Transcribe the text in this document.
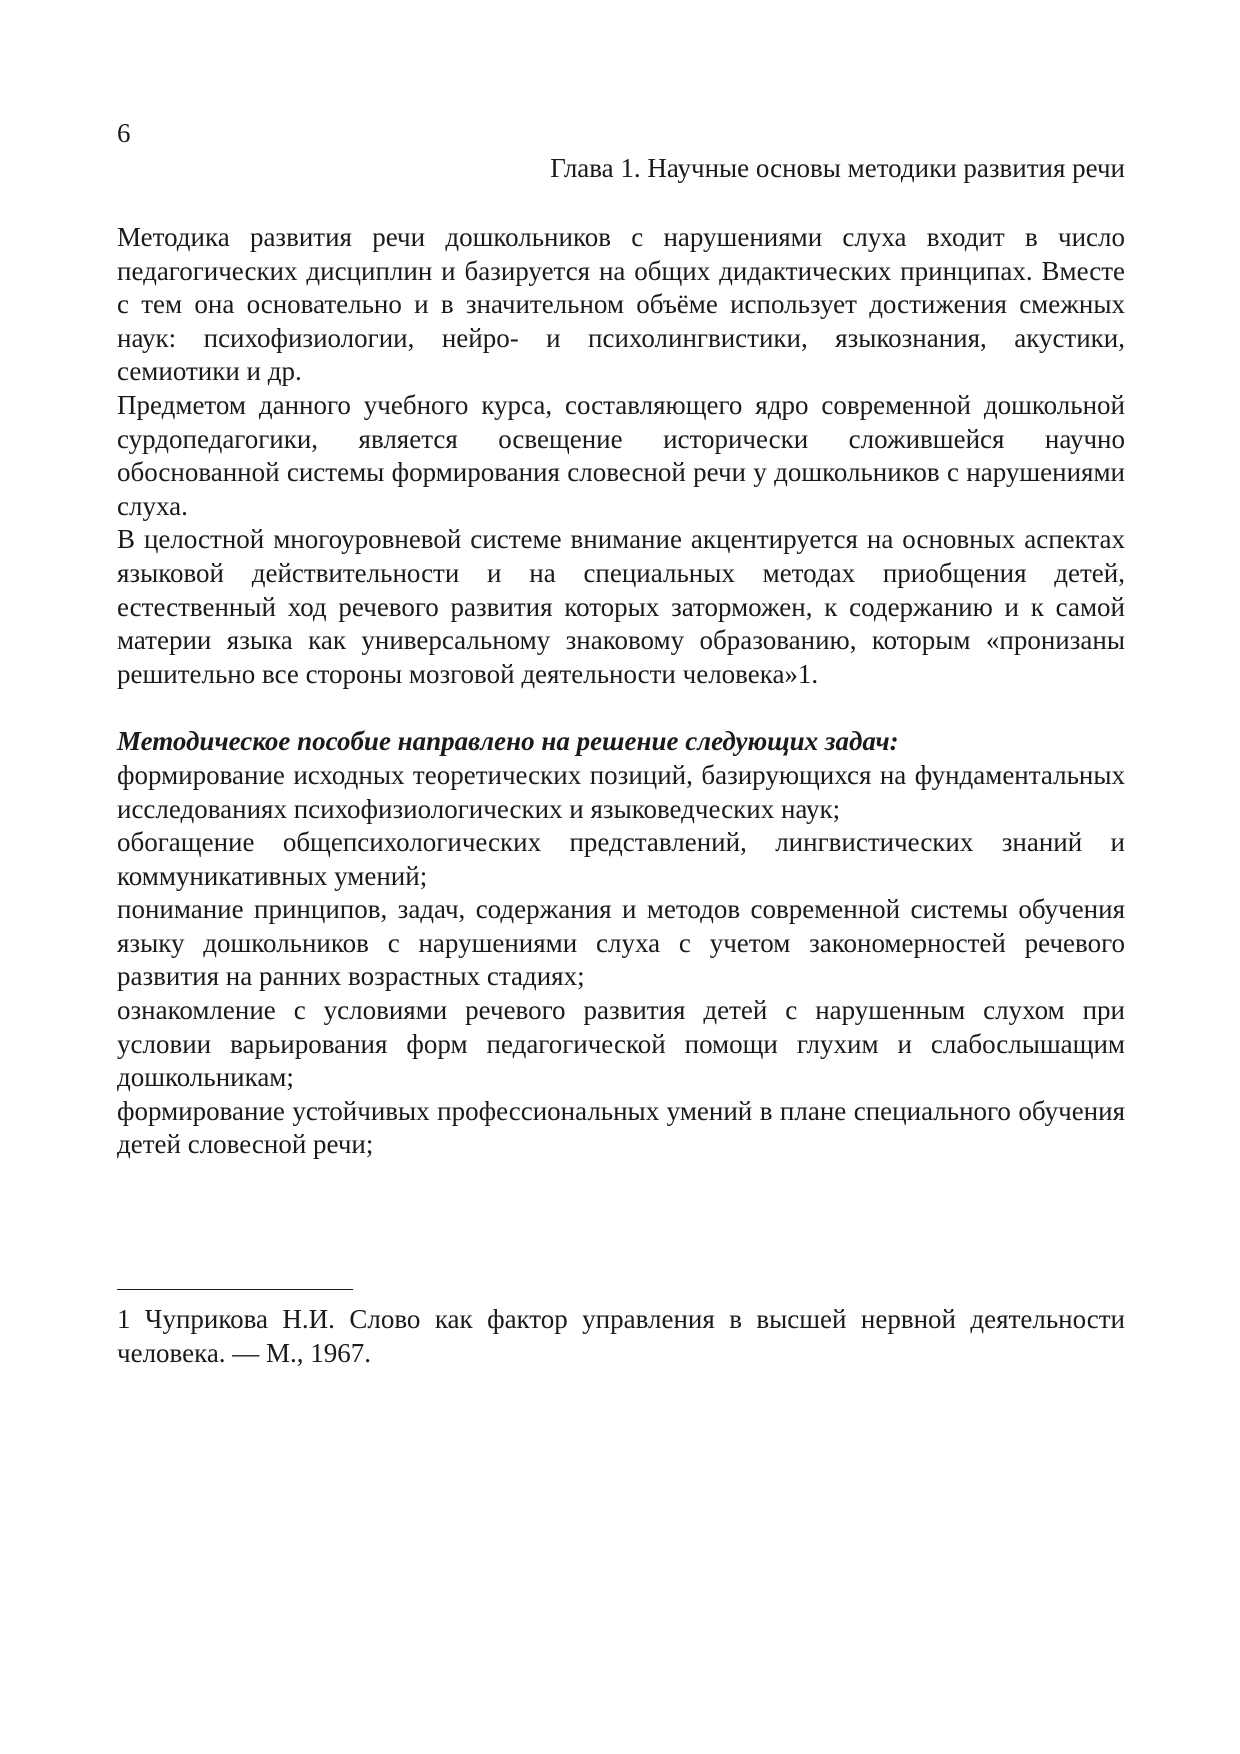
6
Глава 1. Научные основы методики развития речи

Методика развития речи дошкольников с нарушениями слуха входит в число педагогических дисциплин и базируется на общих дидактических принципах. Вместе с тем она основательно и в значительном объёме использует достижения смежных наук: психофизиологии, нейро- и психолингвистики, языкознания, акустики, семиотики и др.

Предметом данного учебного курса, составляющего ядро современной дошкольной сурдопедагогики, является освещение исторически сложившейся научно обоснованной системы формирования словесной речи у дошкольников с нарушениями слуха.

В целостной многоуровневой системе внимание акцентируется на основных аспектах языковой действительности и на специальных методах приобщения детей, естественный ход речевого развития которых заторможен, к содержанию и к самой материи языка как универсальному знаковому образованию, которым «пронизаны решительно все стороны мозговой деятельности человека»1.

Методическое пособие направлено на решение следующих задач:

формирование исходных теоретических позиций, базирующихся на фундаментальных исследованиях психофизиологических и языковедческих наук;

обогащение общепсихологических представлений, лингвистических знаний и коммуникативных умений;

понимание принципов, задач, содержания и методов современной системы обучения языку дошкольников с нарушениями слуха с учетом закономерностей речевого развития на ранних возрастных стадиях;

ознакомление с условиями речевого развития детей с нарушенным слухом при условии варьирования форм педагогической помощи глухим и слабослышащим дошкольникам;

формирование устойчивых профессиональных умений в плане специального обучения детей словесной речи;

1 Чуприкова Н.И. Слово как фактор управления в высшей нервной деятельности человека. — М., 1967.
